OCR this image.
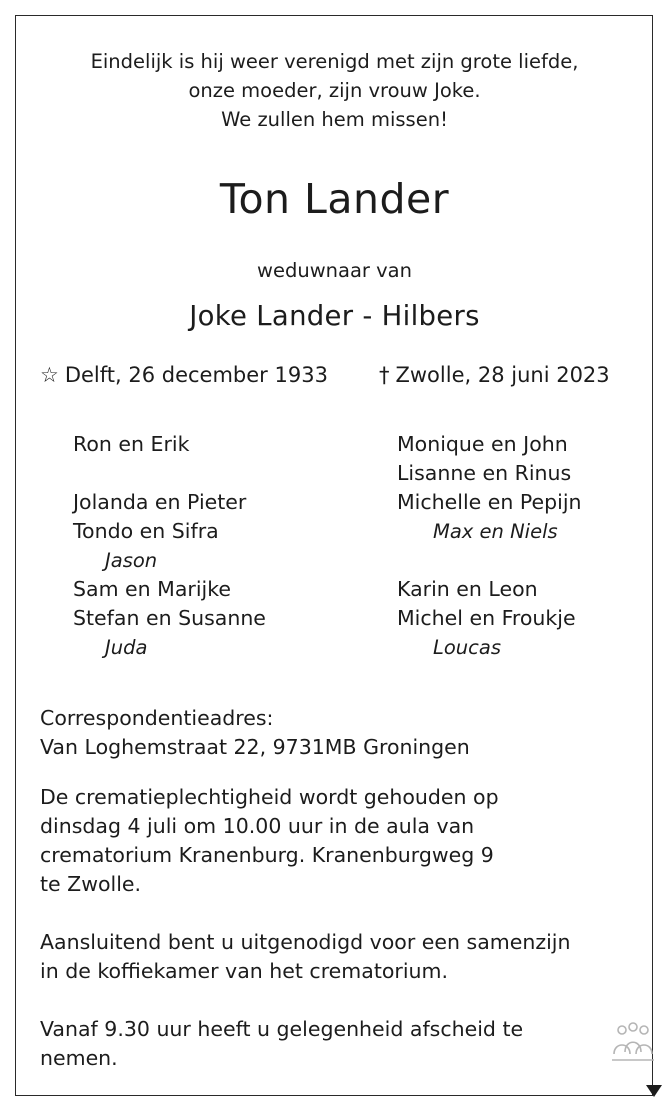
Eindelijk is hij weer verenigd met zijn grote liefde,
onze moeder, zijn vrouw Joke.
We zullen hem missen!
Ton Lander
weduwnaar van
Joke Lander - Hilbers
☆ Delft, 26 december 1933 † Zwolle, 28 juni 2023
Ron en Erik
Jolanda en Pieter
Tondo en Sifra
Jason
Sam en Marijke
Stefan en Susanne
Juda
Monique en John
Lisanne en Rinus
Michelle en Pepijn
Max en Niels
Karin en Leon
Michel en Froukje
Loucas
Correspondentieadres:
Van Loghemstraat 22, 9731MB Groningen
De crematieplechtigheid wordt gehouden op
dinsdag 4 juli om 10.00 uur in de aula van
crematorium Kranenburg. Kranenburgweg 9
te Zwolle.
Aansluitend bent u uitgenodigd voor een samenzijn
in de koffiekamer van het crematorium.
Vanaf 9.30 uur heeft u gelegenheid afscheid te
nemen.
